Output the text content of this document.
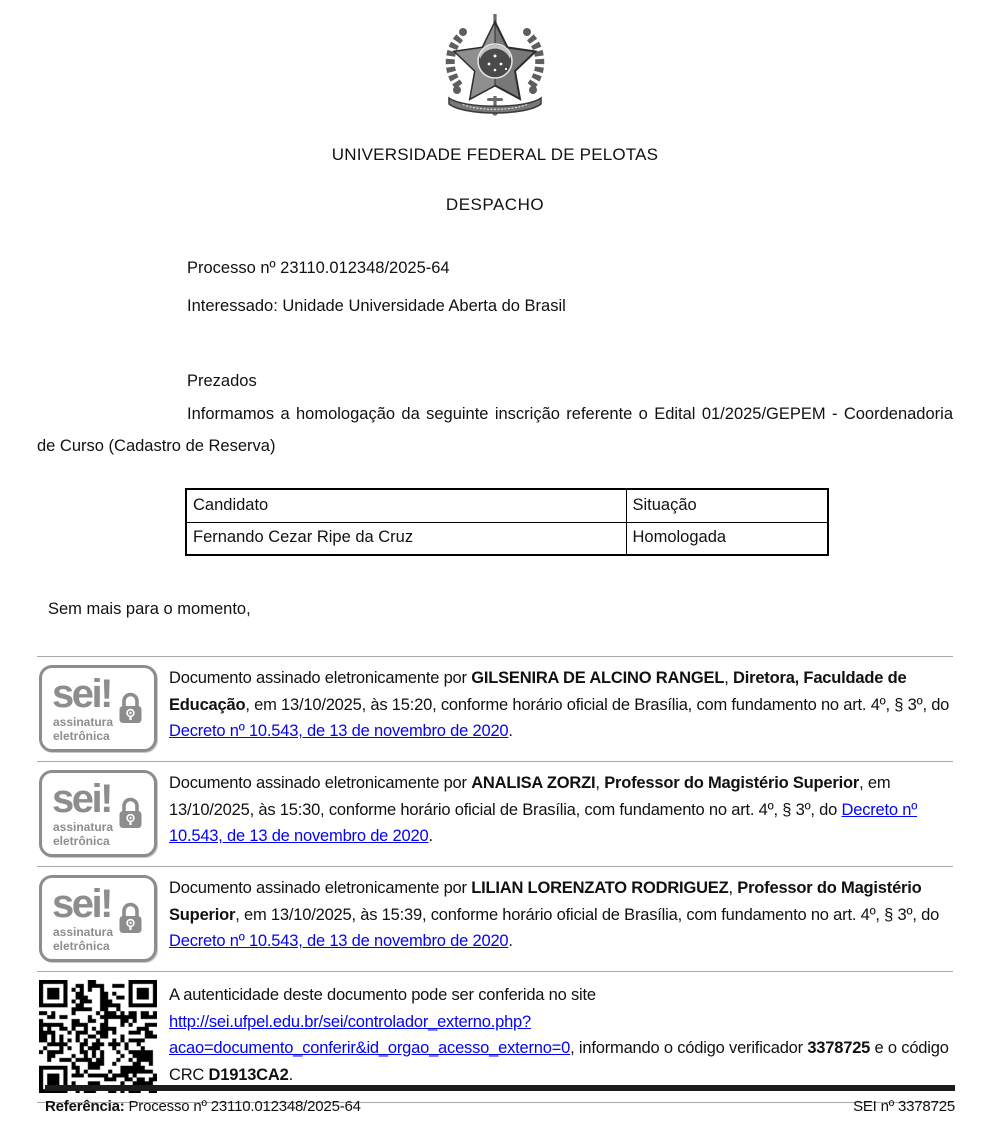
UNIVERSIDADE FEDERAL DE PELOTAS
DESPACHO
Processo nº 23110.012348/2025-64
Interessado: Unidade Universidade Aberta do Brasil
Prezados

Informamos a homologação da seguinte inscrição referente o Edital 01/2025/GEPEM - Coordenadoria de Curso (Cadastro de Reserva)

Candidato	Situação
Fernando Cezar Ripe da Cruz	Homologada
Sem mais para o momento,
sei!
assinatura
eletrônica
Documento assinado eletronicamente por GILSENIRA DE ALCINO RANGEL, Diretora, Faculdade de Educação, em 13/10/2025, às 15:20, conforme horário oficial de Brasília, com fundamento no art. 4º, § 3º, do Decreto nº 10.543, de 13 de novembro de 2020.
sei!
assinatura
eletrônica
Documento assinado eletronicamente por ANALISA ZORZI, Professor do Magistério Superior, em 13/10/2025, às 15:30, conforme horário oficial de Brasília, com fundamento no art. 4º, § 3º, do Decreto nº 10.543, de 13 de novembro de 2020.
sei!
assinatura
eletrônica
Documento assinado eletronicamente por LILIAN LORENZATO RODRIGUEZ, Professor do Magistério Superior, em 13/10/2025, às 15:39, conforme horário oficial de Brasília, com fundamento no art. 4º, § 3º, do Decreto nº 10.543, de 13 de novembro de 2020.
A autenticidade deste documento pode ser conferida no site
http://sei.ufpel.edu.br/sei/controlador_externo.php?
acao=documento_conferir&id_orgao_acesso_externo=0, informando o código verificador 3378725 e o código CRC D1913CA2.
Referência: Processo nº 23110.012348/2025-64	SEI nº 3378725
